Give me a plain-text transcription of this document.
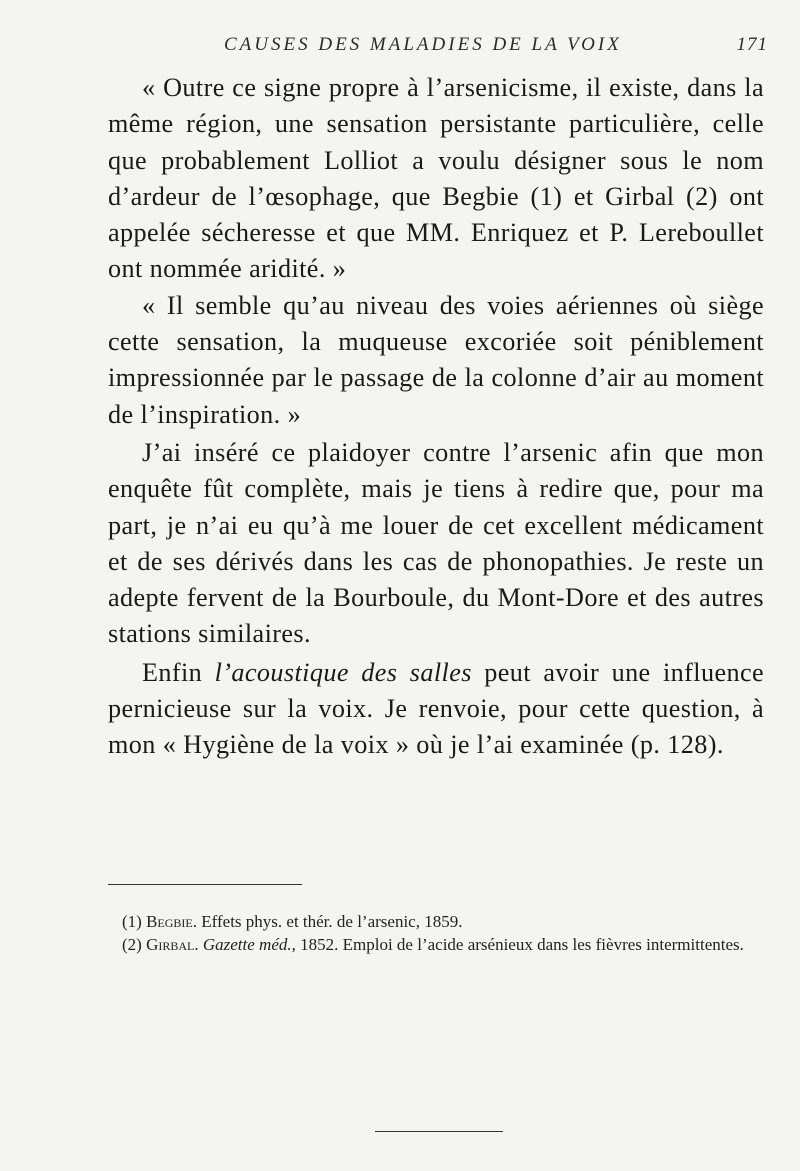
CAUSES DES MALADIES DE LA VOIX	171

« Outre ce signe propre à l’arsenicisme, il existe, dans la même région, une sensation persistante particulière, celle que probablement Lolliot a voulu désigner sous le nom d’ardeur de l’œsophage, que Begbie (1) et Girbal (2) ont appelée sécheresse et que MM. Enriquez et P. Lereboullet ont nommée aridité. »

« Il semble qu’au niveau des voies aériennes où siège cette sensation, la muqueuse excoriée soit péniblement impressionnée par le passage de la colonne d’air au moment de l’inspiration. »

J’ai inséré ce plaidoyer contre l’arsenic afin que mon enquête fût complète, mais je tiens à redire que, pour ma part, je n’ai eu qu’à me louer de cet excellent médicament et de ses dérivés dans les cas de phonopathies. Je reste un adepte fervent de la Bourboule, du Mont-Dore et des autres stations similaires.

Enfin l’acoustique des salles peut avoir une influence pernicieuse sur la voix. Je renvoie, pour cette question, à mon « Hygiène de la voix » où je l’ai examinée (p. 128).

(1) Begbie. Effets phys. et thér. de l’arsenic, 1859.

(2) Girbal. Gazette méd., 1852. Emploi de l’acide arsénieux dans les fièvres intermittentes.
